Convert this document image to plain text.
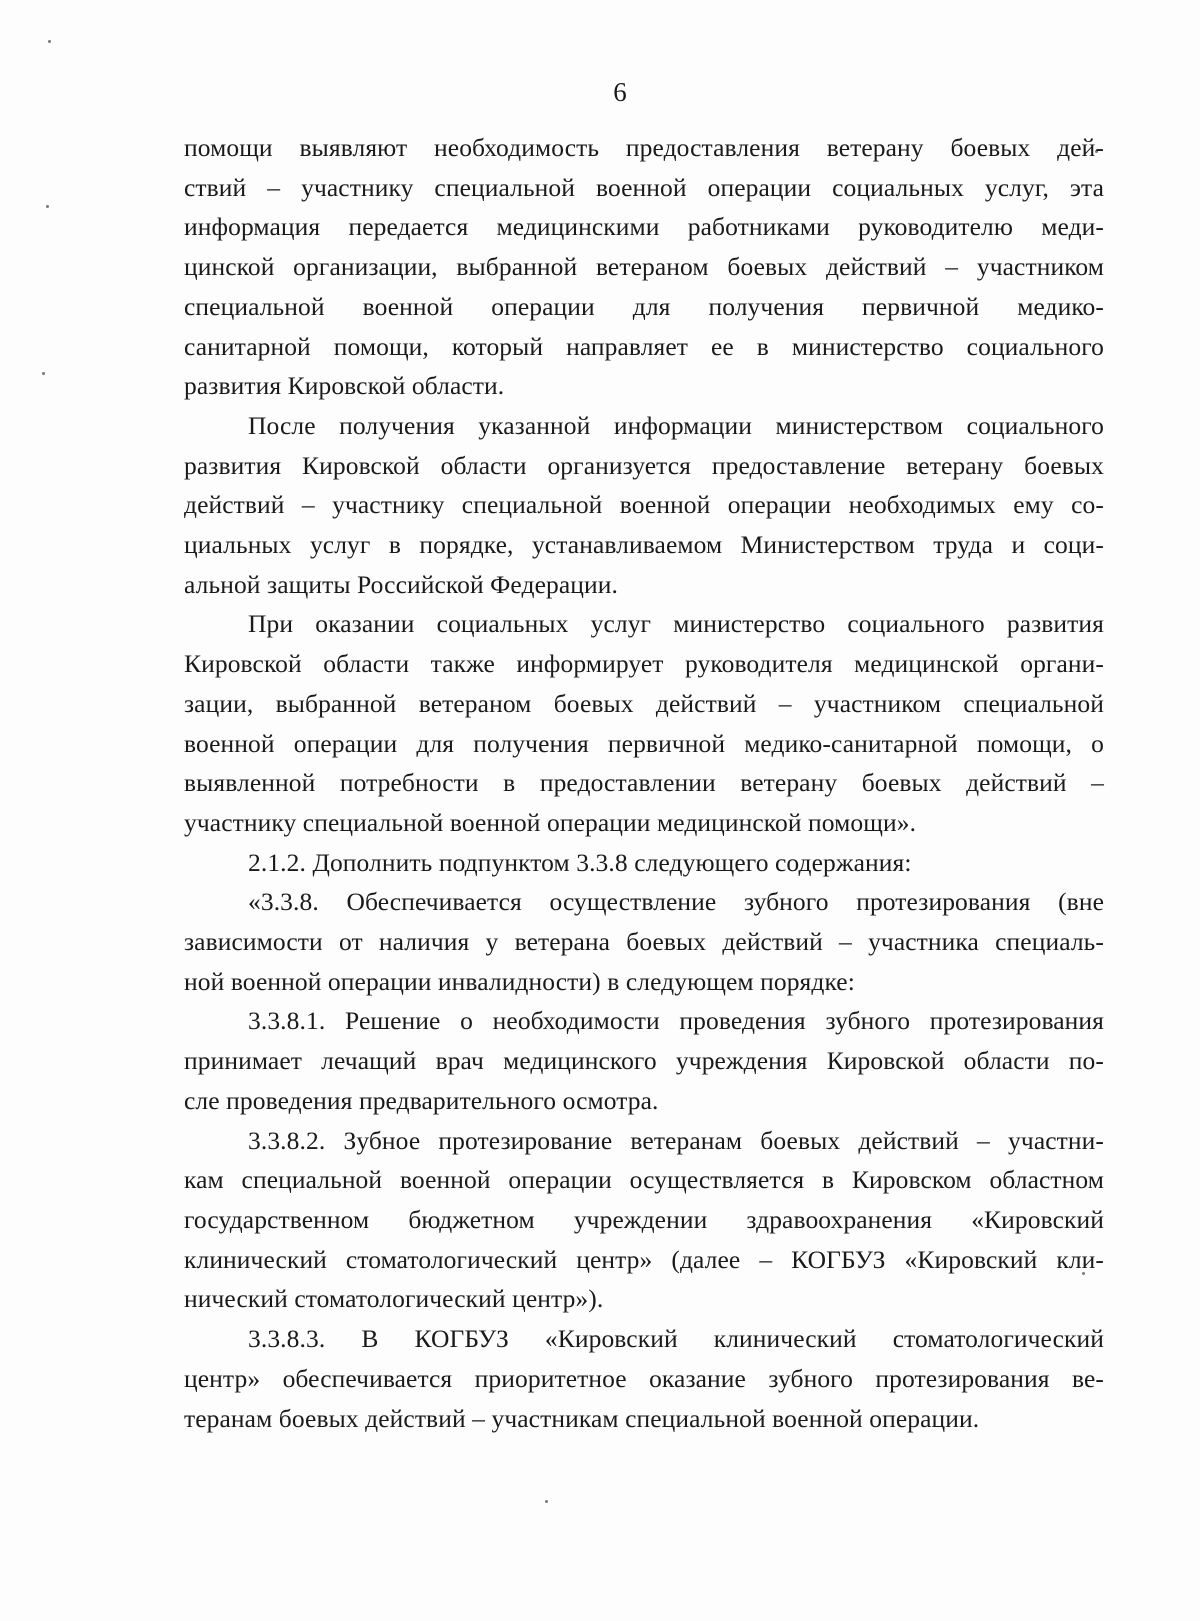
6

помощи выявляют необходимость предоставления ветерану боевых дей-
ствий – участнику специальной военной операции социальных услуг, эта
информация передается медицинскими работниками руководителю меди-
цинской организации, выбранной ветераном боевых действий – участником
специальной военной операции для получения первичной медико-
санитарной помощи, который направляет ее в министерство социального
развития Кировской области.

После получения указанной информации министерством социального
развития Кировской области организуется предоставление ветерану боевых
действий – участнику специальной военной операции необходимых ему со-
циальных услуг в порядке, устанавливаемом Министерством труда и соци-
альной защиты Российской Федерации.

При оказании социальных услуг министерство социального развития
Кировской области также информирует руководителя медицинской органи-
зации, выбранной ветераном боевых действий – участником специальной
военной операции для получения первичной медико-санитарной помощи, о
выявленной потребности в предоставлении ветерану боевых действий –
участнику специальной военной операции медицинской помощи».

2.1.2. Дополнить подпунктом 3.3.8 следующего содержания:

«3.3.8. Обеспечивается осуществление зубного протезирования (вне
зависимости от наличия у ветерана боевых действий – участника специаль-
ной военной операции инвалидности) в следующем порядке:

3.3.8.1. Решение о необходимости проведения зубного протезирования
принимает лечащий врач медицинского учреждения Кировской области по-
сле проведения предварительного осмотра.

3.3.8.2. Зубное протезирование ветеранам боевых действий – участни-
кам специальной военной операции осуществляется в Кировском областном
государственном бюджетном учреждении здравоохранения «Кировский
клинический стоматологический центр» (далее – КОГБУЗ «Кировский кли-
нический стоматологический центр»).

3.3.8.3. В КОГБУЗ «Кировский клинический стоматологический
центр» обеспечивается приоритетное оказание зубного протезирования ве-
теранам боевых действий – участникам специальной военной операции.
